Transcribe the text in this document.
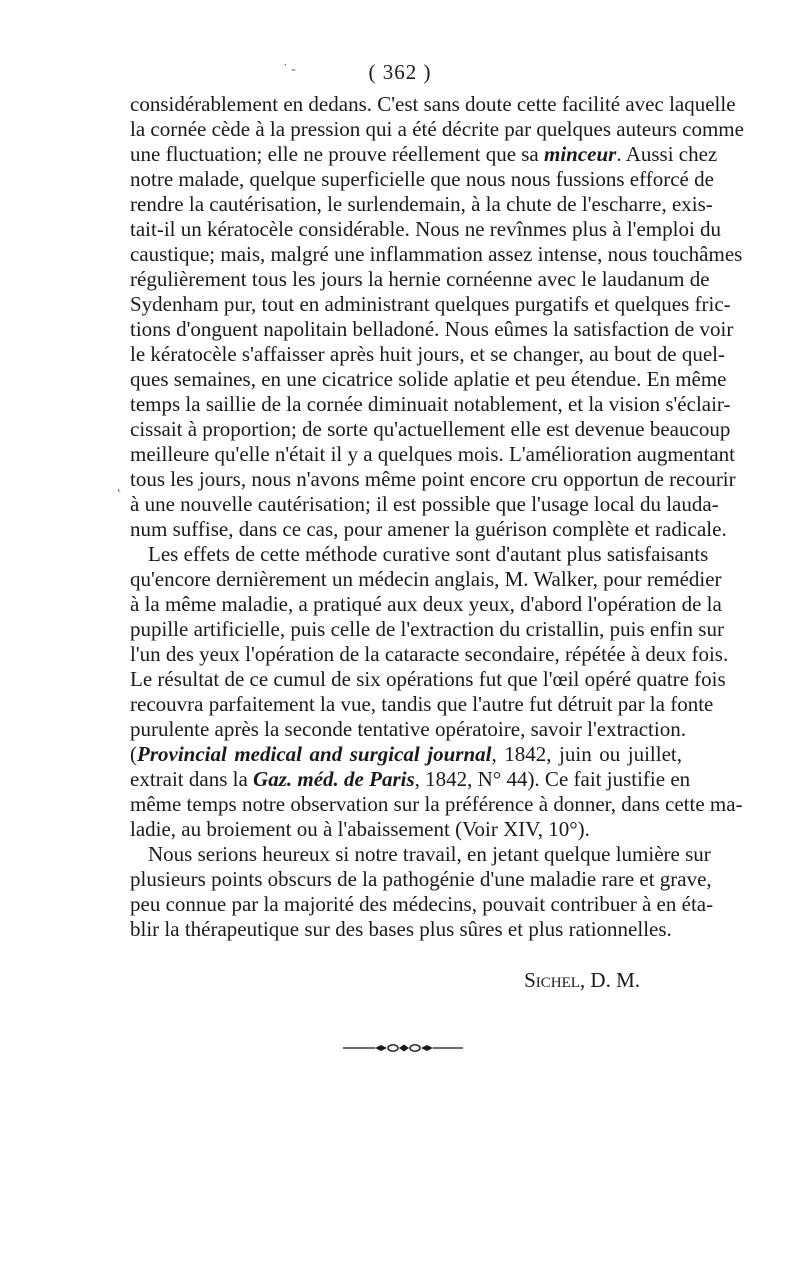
˙ -	( 362 )
˛
considérablement en dedans. C'est sans doute cette facilité avec laquelle
la cornée cède à la pression qui a été décrite par quelques auteurs comme
une fluctuation; elle ne prouve réellement que sa minceur. Aussi chez
notre malade, quelque superficielle que nous nous fussions efforcé de
rendre la cautérisation, le surlendemain, à la chute de l'escharre, exis-
tait-il un kératocèle considérable. Nous ne revînmes plus à l'emploi du
caustique; mais, malgré une inflammation assez intense, nous touchâmes
régulièrement tous les jours la hernie cornéenne avec le laudanum de
Sydenham pur, tout en administrant quelques purgatifs et quelques fric-
tions d'onguent napolitain belladoné. Nous eûmes la satisfaction de voir
le kératocèle s'affaisser après huit jours, et se changer, au bout de quel-
ques semaines, en une cicatrice solide aplatie et peu étendue. En même
temps la saillie de la cornée diminuait notablement, et la vision s'éclair-
cissait à proportion; de sorte qu'actuellement elle est devenue beaucoup
meilleure qu'elle n'était il y a quelques mois. L'amélioration augmentant
tous les jours, nous n'avons même point encore cru opportun de recourir
à une nouvelle cautérisation; il est possible que l'usage local du lauda-
num suffise, dans ce cas, pour amener la guérison complète et radicale.
Les effets de cette méthode curative sont d'autant plus satisfaisants
qu'encore dernièrement un médecin anglais, M. Walker, pour remédier
à la même maladie, a pratiqué aux deux yeux, d'abord l'opération de la
pupille artificielle, puis celle de l'extraction du cristallin, puis enfin sur
l'un des yeux l'opération de la cataracte secondaire, répétée à deux fois.
Le résultat de ce cumul de six opérations fut que l'œil opéré quatre fois
recouvra parfaitement la vue, tandis que l'autre fut détruit par la fonte
purulente après la seconde tentative opératoire, savoir l'extraction.
(Provincial medical and surgical journal, 1842, juin ou juillet,
extrait dans la Gaz. méd. de Paris, 1842, N° 44). Ce fait justifie en
même temps notre observation sur la préférence à donner, dans cette ma-
ladie, au broiement ou à l'abaissement (Voir XIV, 10°).
Nous serions heureux si notre travail, en jetant quelque lumière sur
plusieurs points obscurs de la pathogénie d'une maladie rare et grave,
peu connue par la majorité des médecins, pouvait contribuer à en éta-
blir la thérapeutique sur des bases plus sûres et plus rationnelles.
Sichel, D. M.
